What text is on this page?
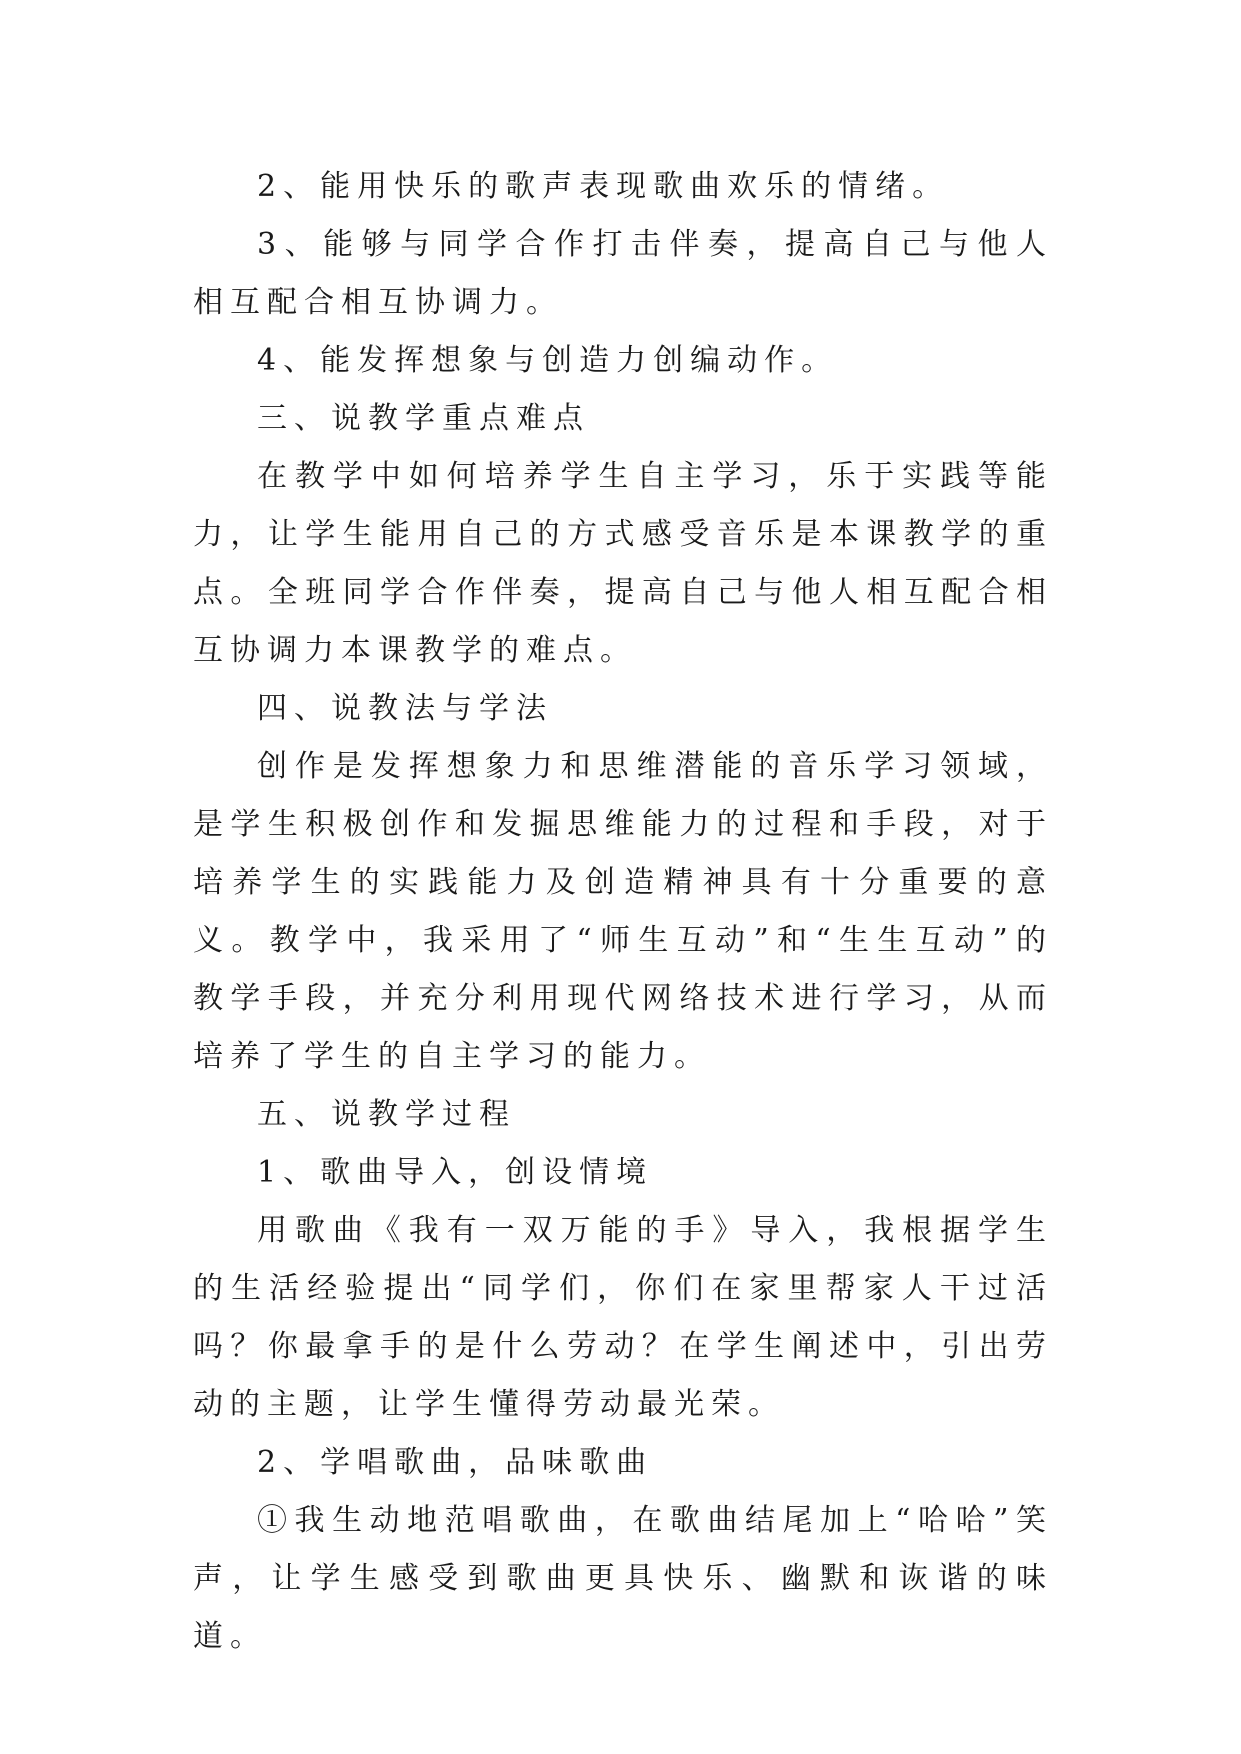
2、能用快乐的歌声表现歌曲欢乐的情绪。

3、能够与同学合作打击伴奏，提高自己与他人相互配合相互协调力。

4、能发挥想象与创造力创编动作。

三、说教学重点难点

在教学中如何培养学生自主学习，乐于实践等能力，让学生能用自己的方式感受音乐是本课教学的重点。全班同学合作伴奏，提高自己与他人相互配合相互协调力本课教学的难点。

四、说教法与学法

创作是发挥想象力和思维潜能的音乐学习领域，是学生积极创作和发掘思维能力的过程和手段，对于培养学生的实践能力及创造精神具有十分重要的意义。教学中，我采用了“师生互动”和“生生互动”的教学手段，并充分利用现代网络技术进行学习，从而培养了学生的自主学习的能力。

五、说教学过程

1、歌曲导入，创设情境

用歌曲《我有一双万能的手》导入，我根据学生的生活经验提出“同学们，你们在家里帮家人干过活吗？你最拿手的是什么劳动？在学生阐述中，引出劳动的主题，让学生懂得劳动最光荣。

2、学唱歌曲，品味歌曲

①我生动地范唱歌曲，在歌曲结尾加上“哈哈”笑声，让学生感受到歌曲更具快乐、幽默和诙谐的味道。
